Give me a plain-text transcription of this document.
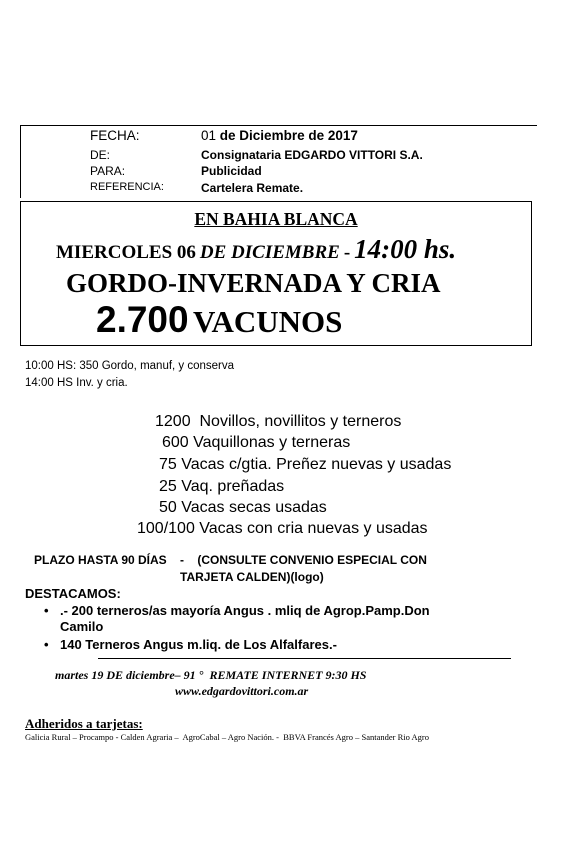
FECHA:	01 de Diciembre de 2017
DE:	Consignataria EDGARDO VITTORI S.A.
PARA:	Publicidad
REFERENCIA:	Cartelera Remate.
EN BAHIA BLANCA
MIERCOLES 06 DE DICIEMBRE - 14:00 hs.
GORDO-INVERNADA Y CRIA
2.700 VACUNOS
10:00 HS: 350 Gordo, manuf, y conserva
14:00 HS Inv. y cria.
1200  Novillos, novillitos y terneros
600 Vaquillonas y terneras
75 Vacas c/gtia. Preñez nuevas y usadas
25 Vaq. preñadas
50 Vacas secas usadas
100/100 Vacas con cria nuevas y usadas
PLAZO HASTA 90 DÍAS    -    (CONSULTE CONVENIO ESPECIAL CON
TARJETA CALDEN)(logo)
DESTACAMOS:
• .- 200 terneros/as mayoría Angus . mliq de Agrop.Pamp.Don
Camilo
• 140 Terneros Angus m.liq. de Los Alfalfares.-
martes 19 DE diciembre– 91 °  REMATE INTERNET 9:30 HS
www.edgardovittori.com.ar
Adheridos a tarjetas:
Galicia Rural – Procampo - Calden Agraria –  AgroCabal – Agro Nación. -  BBVA Francés Agro – Santander Rio Agro
